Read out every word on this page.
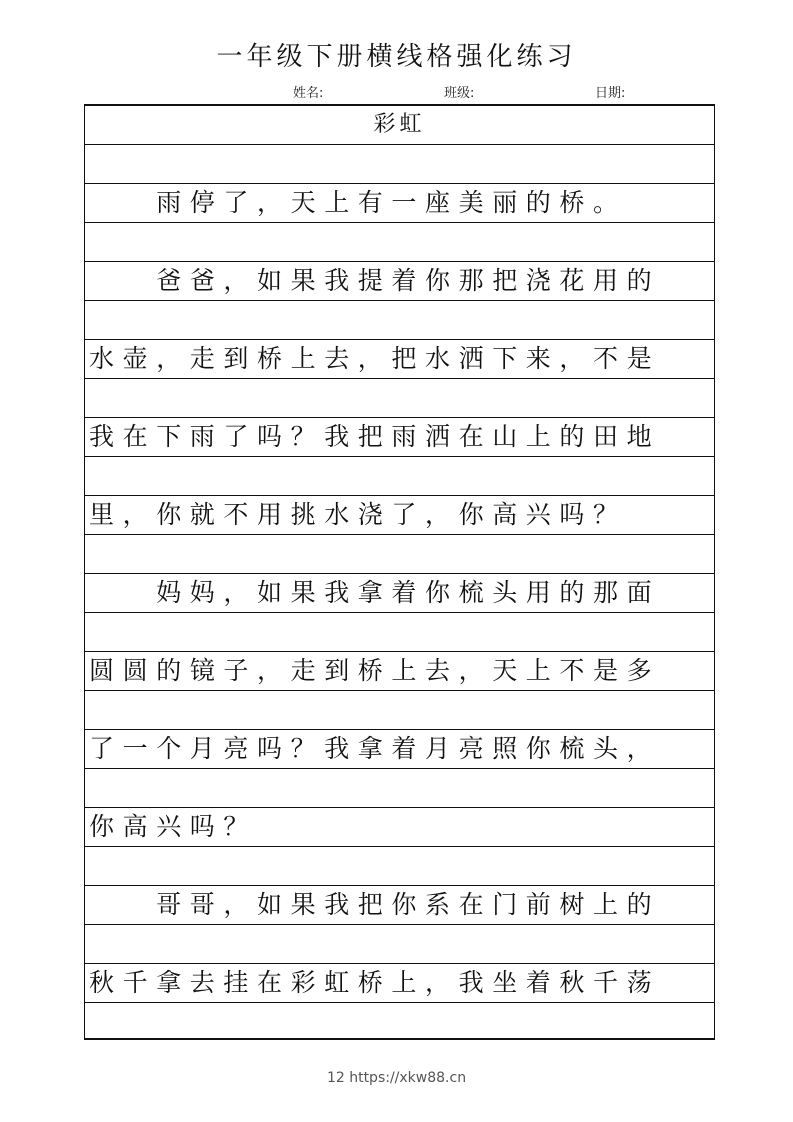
一年级下册横线格强化练习
姓名:	班级:	日期:
彩虹
　　雨停了，天上有一座美丽的桥。
　　爸爸，如果我提着你那把浇花用的
水壶，走到桥上去，把水洒下来，不是
我在下雨了吗？我把雨洒在山上的田地
里，你就不用挑水浇了，你高兴吗？
　　妈妈，如果我拿着你梳头用的那面
圆圆的镜子，走到桥上去，天上不是多
了一个月亮吗？我拿着月亮照你梳头，
你高兴吗？
　　哥哥，如果我把你系在门前树上的
秋千拿去挂在彩虹桥上，我坐着秋千荡
12 https://xkw88.cn
